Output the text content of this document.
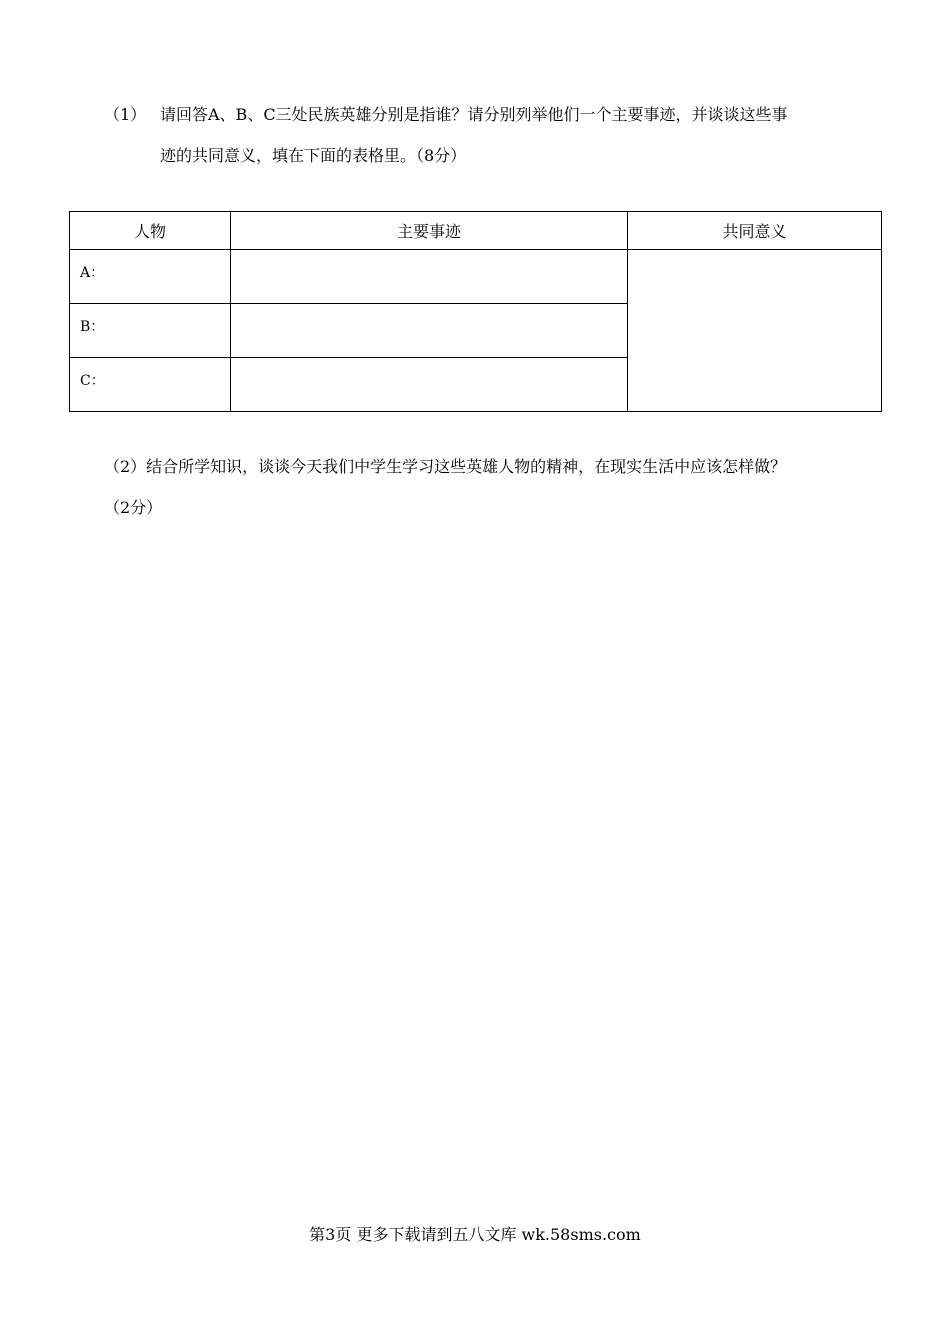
（1） 请回答A、B、C三处民族英雄分别是指谁？请分别列举他们一个主要事迹，并谈谈这些事
迹的共同意义，填在下面的表格里。（8分）
人物	主要事迹	共同意义
A：		
B：		
C：		
（2）结合所学知识，谈谈今天我们中学生学习这些英雄人物的精神，在现实生活中应该怎样做？
（2分）
第3页 更多下载请到五八文库 wk.58sms.com
